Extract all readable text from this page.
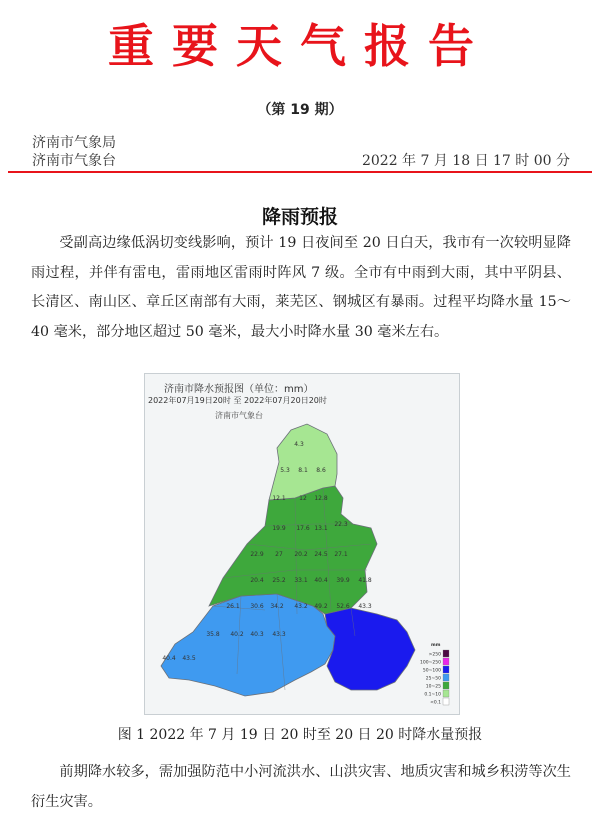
重要天气报告
（第 19 期）
济南市气象局
济南市气象台	2022 年 7 月 18 日 17 时 00 分
降雨预报

受副高边缘低涡切变线影响，预计 19 日夜间至 20 日白天，我市有一次较明显降雨过程，并伴有雷电，雷雨地区雷雨时阵风 7 级。全市有中雨到大雨，其中平阴县、长清区、南山区、章丘区南部有大雨，莱芜区、钢城区有暴雨。过程平均降水量 15～40 毫米，部分地区超过 50 毫米，最大小时降水量 30 毫米左右。

济南市降水预报图（单位：mm）
2022年07月19日20时 至 2022年07月20日20时
济南市气象台
4.3
5.3 8.1 8.6
12.1 12 12.8
19.9 17.6 13.1
22.3
22.9 27 20.2 24.5 27.1
20.4 25.2 33.1 40.4 39.9 41.8
26.1 30.6 34.2 43.2 49.2 52.6 43.3
35.8 40.2 40.3 43.3
40.4 43.5
mm
>250
100~250
50~100
25~50
10~25
0.1~10
<0.1
图 1 2022 年 7 月 19 日 20 时至 20 日 20 时降水量预报

前期降水较多，需加强防范中小河流洪水、山洪灾害、地质灾害和城乡积涝等次生衍生灾害。
